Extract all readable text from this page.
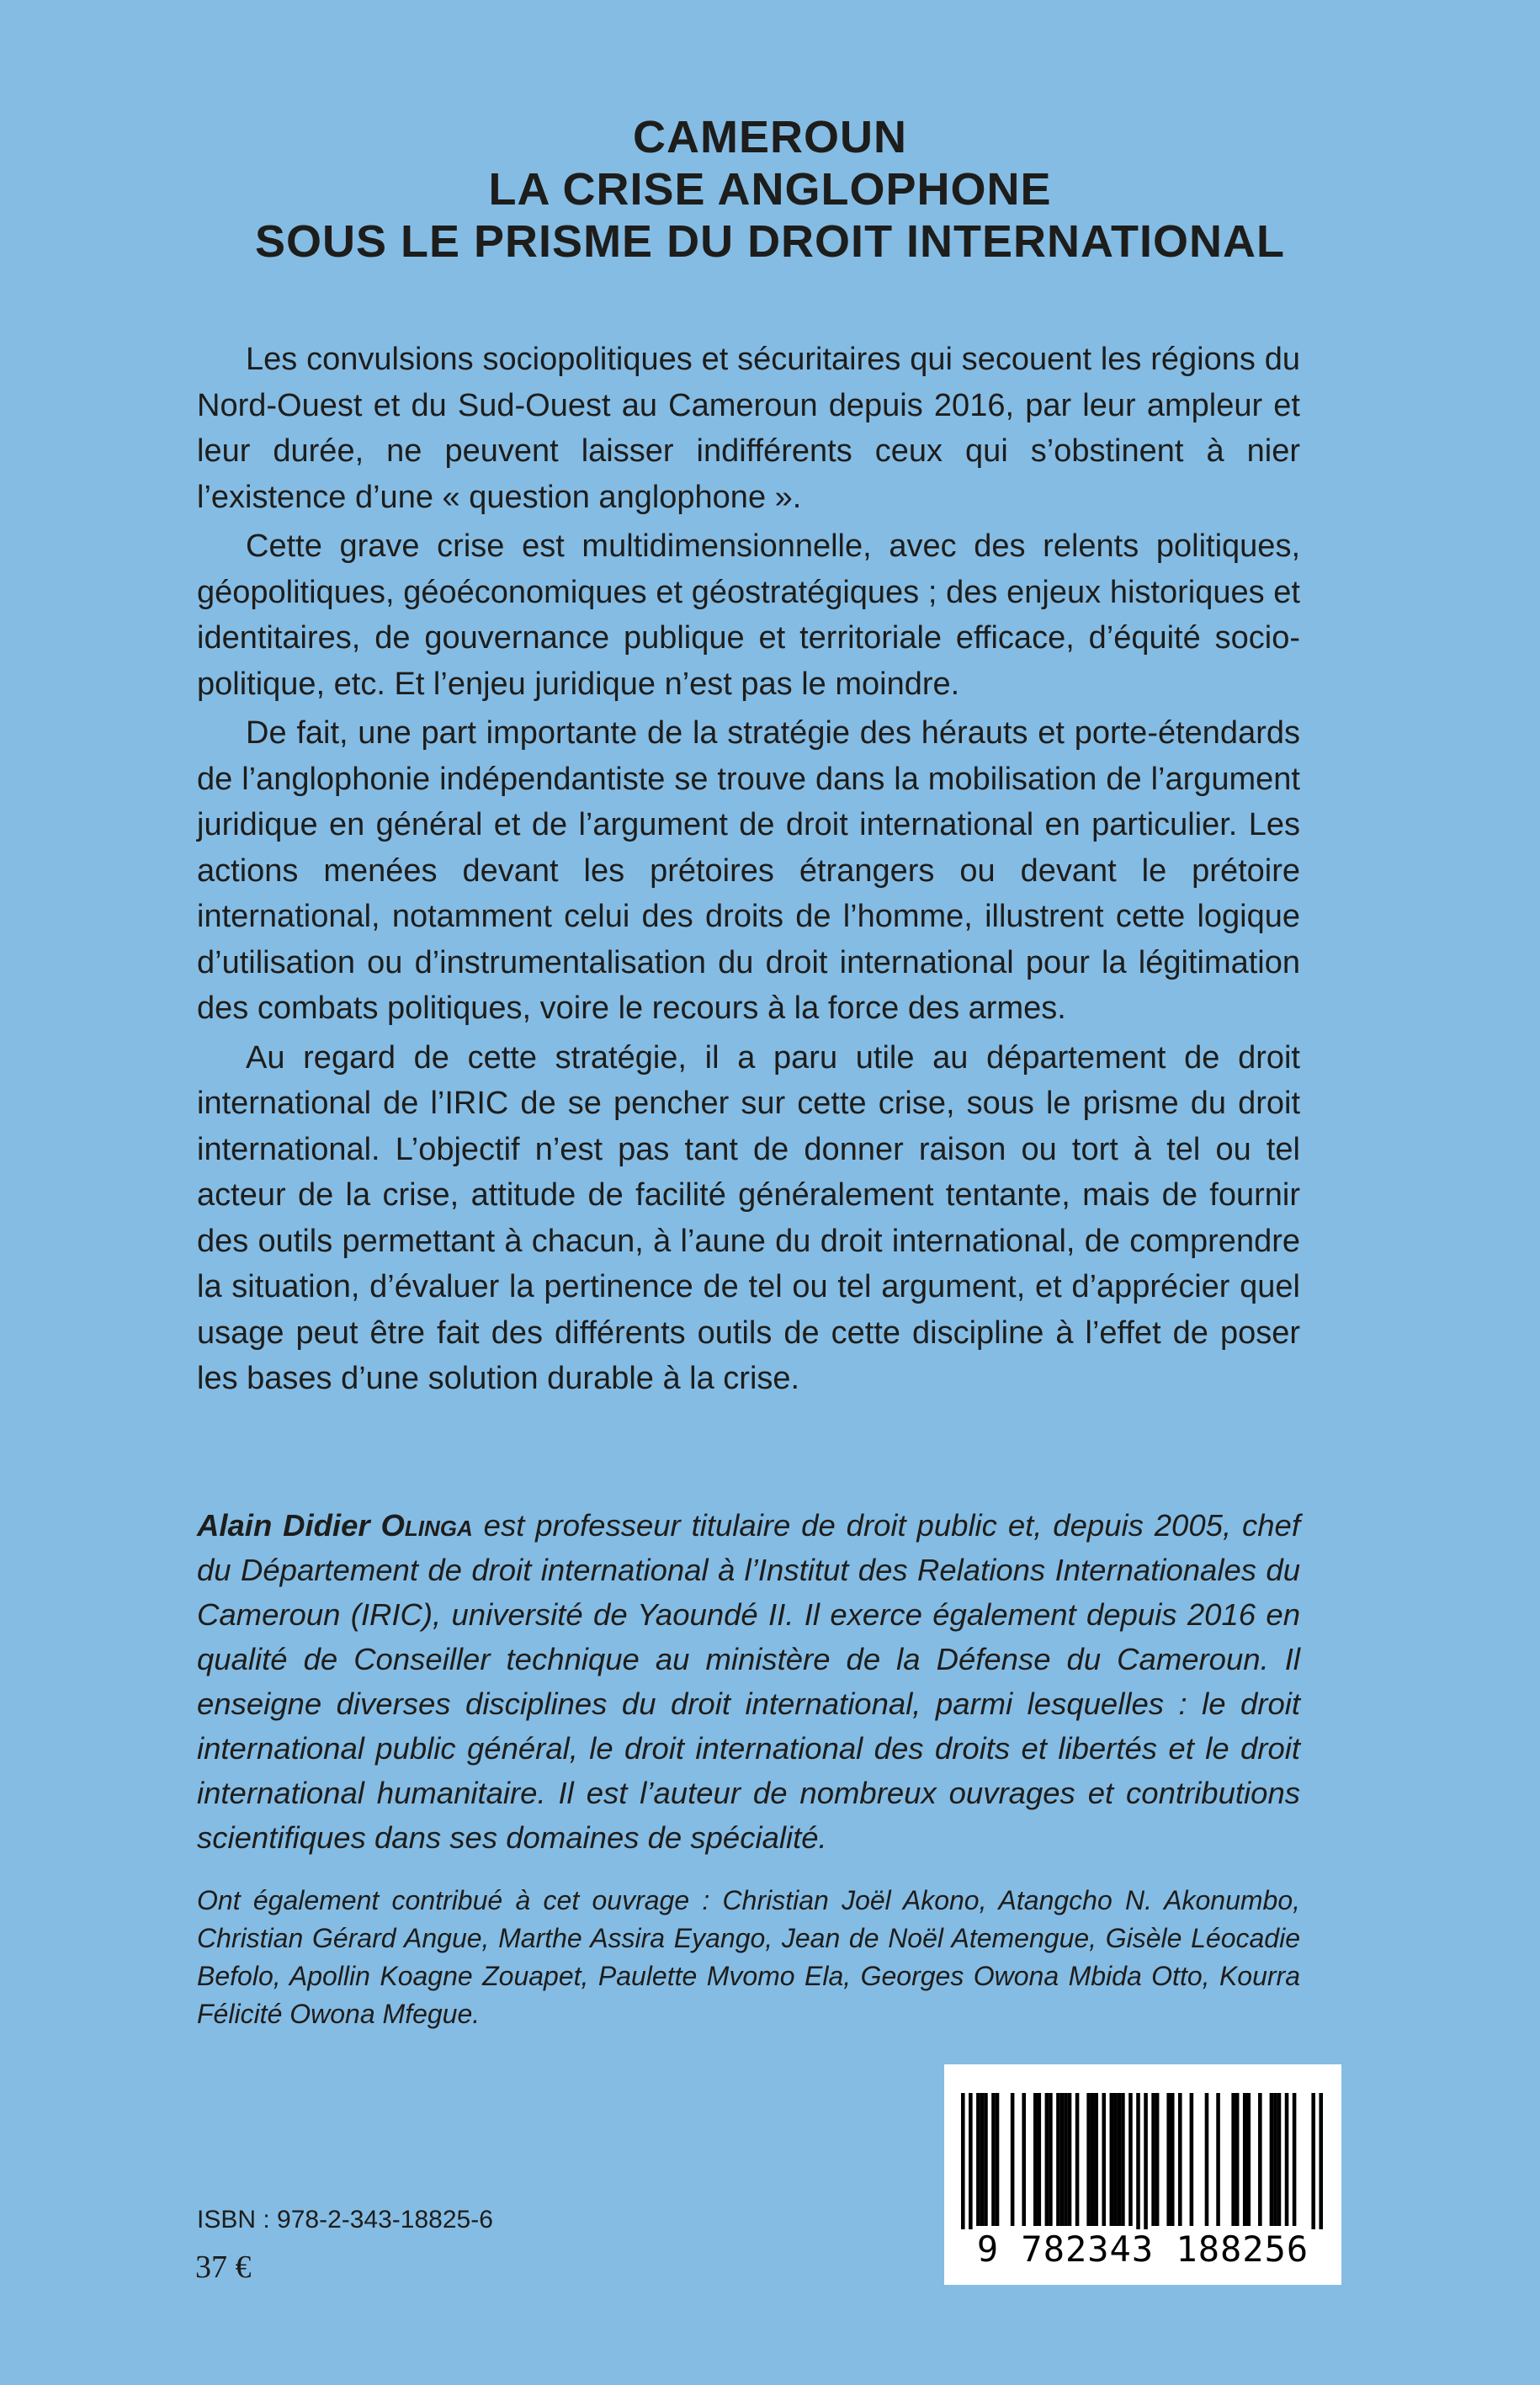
CAMEROUN
LA CRISE ANGLOPHONE
SOUS LE PRISME DU DROIT INTERNATIONAL

Les convulsions sociopolitiques et sécuritaires qui secouent les régions du Nord-Ouest et du Sud-Ouest au Cameroun depuis 2016, par leur ampleur et leur durée, ne peuvent laisser indifférents ceux qui s’obstinent à nier l’existence d’une « question anglophone ».

Cette grave crise est multidimensionnelle, avec des relents politiques, géopolitiques, géoéconomiques et géostratégiques ; des enjeux historiques et identitaires, de gouvernance publique et territoriale efficace, d’équité socio-politique, etc. Et l’enjeu juridique n’est pas le moindre.

De fait, une part importante de la stratégie des hérauts et porte-étendards de l’anglophonie indépendantiste se trouve dans la mobilisation de l’argument juridique en général et de l’argument de droit international en particulier. Les actions menées devant les prétoires étrangers ou devant le prétoire international, notamment celui des droits de l’homme, illustrent cette logique d’utilisation ou d’instrumentalisation du droit international pour la légitimation des combats politiques, voire le recours à la force des armes.

Au regard de cette stratégie, il a paru utile au département de droit international de l’IRIC de se pencher sur cette crise, sous le prisme du droit international. L’objectif n’est pas tant de donner raison ou tort à tel ou tel acteur de la crise, attitude de facilité généralement tentante, mais de fournir des outils permettant à chacun, à l’aune du droit international, de comprendre la situation, d’évaluer la pertinence de tel ou tel argument, et d’apprécier quel usage peut être fait des différents outils de cette discipline à l’effet de poser les bases d’une solution durable à la crise.

Alain Didier Olinga est professeur titulaire de droit public et, depuis 2005, chef du Département de droit international à l’Institut des Relations Internationales du Cameroun (IRIC), université de Yaoundé II. Il exerce également depuis 2016 en qualité de Conseiller technique au ministère de la Défense du Cameroun. Il enseigne diverses disciplines du droit international, parmi lesquelles : le droit international public général, le droit international des droits et libertés et le droit international humanitaire. Il est l’auteur de nombreux ouvrages et contributions scientifiques dans ses domaines de spécialité.

Ont également contribué à cet ouvrage : Christian Joël Akono, Atangcho N. Akonumbo, Christian Gérard Angue, Marthe Assira Eyango, Jean de Noël Atemengue, Gisèle Léocadie Befolo, Apollin Koagne Zouapet, Paulette Mvomo Ela, Georges Owona Mbida Otto, Kourra Félicité Owona Mfegue.

ISBN : 978-2-343-18825-6
37 €	9 782343 188256
